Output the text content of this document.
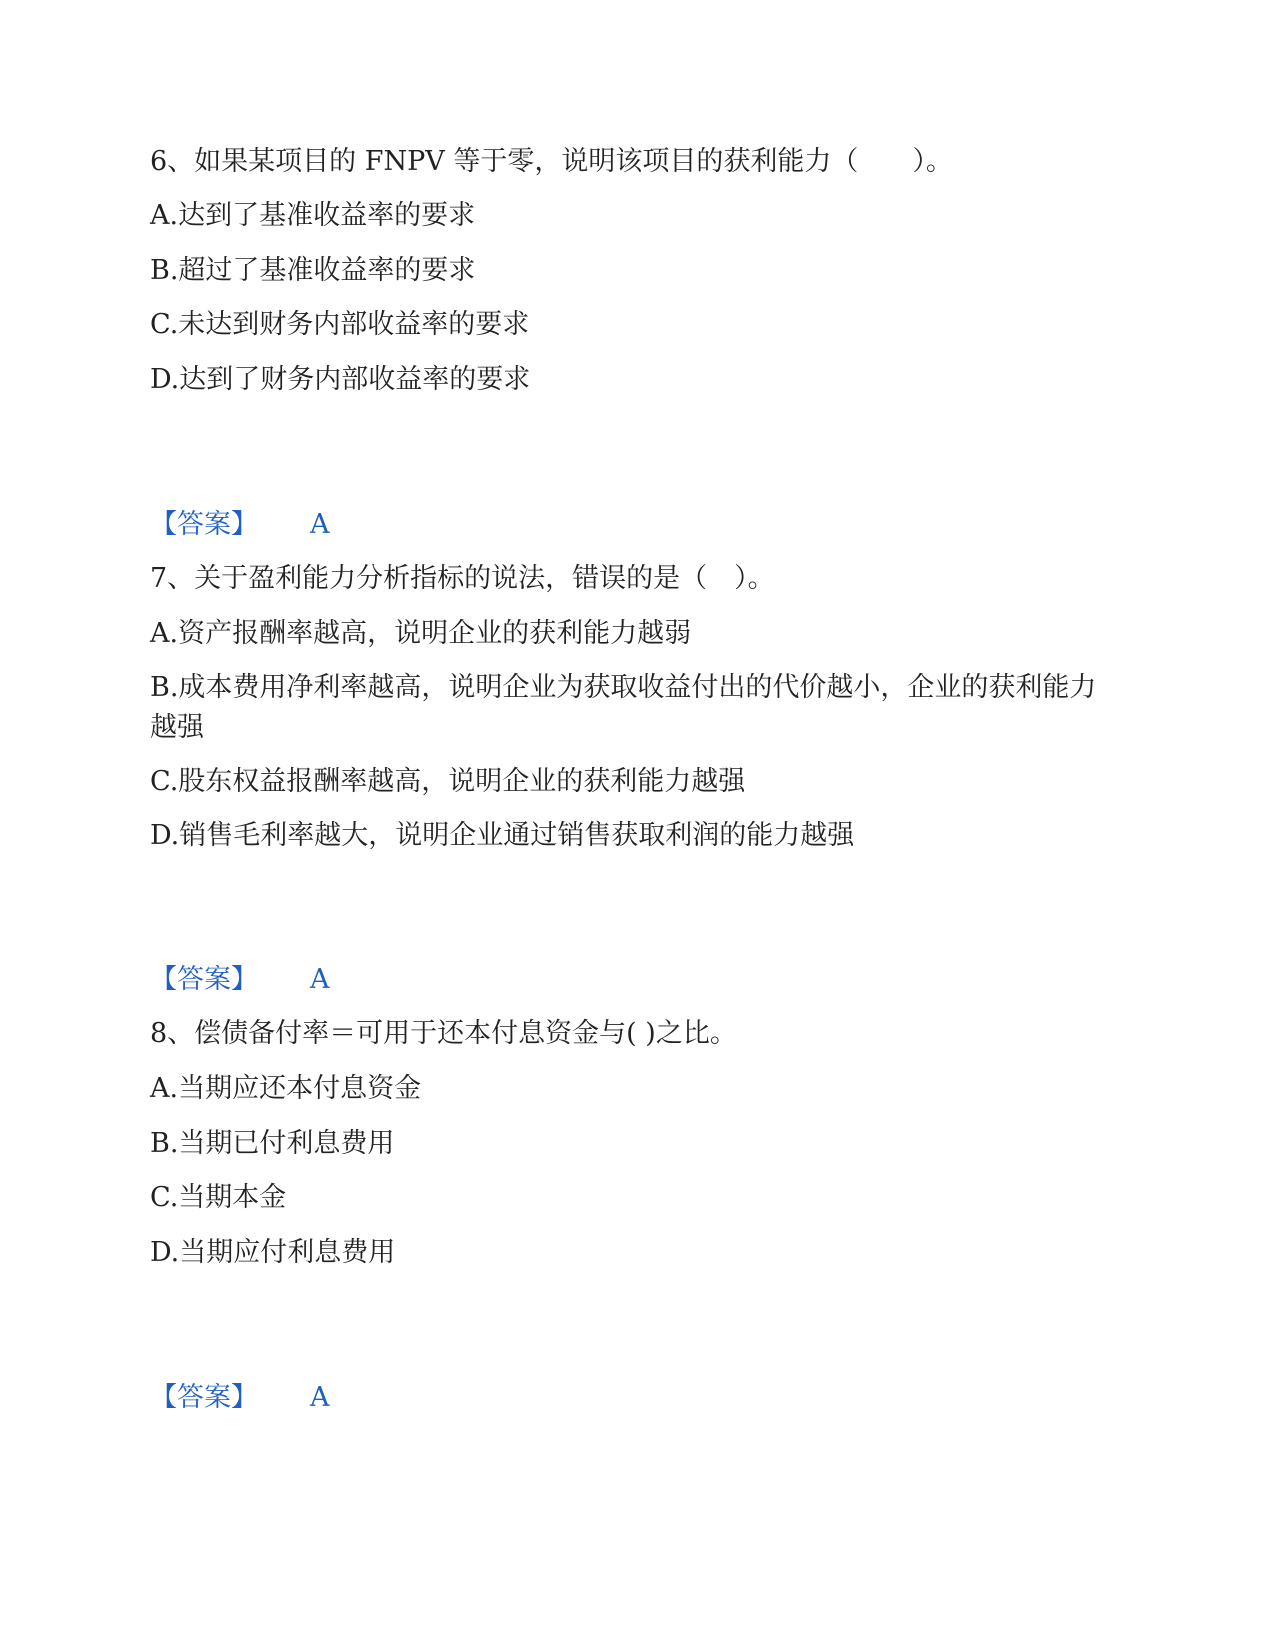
6、如果某项目的 FNPV 等于零，说明该项目的获利能力（　　）。
A.达到了基准收益率的要求
B.超过了基准收益率的要求
C.未达到财务内部收益率的要求
D.达到了财务内部收益率的要求
【答案】 A
7、关于盈利能力分析指标的说法，错误的是（　）。
A.资产报酬率越高，说明企业的获利能力越弱
B.成本费用净利率越高，说明企业为获取收益付出的代价越小，企业的获利能力越强
C.股东权益报酬率越高，说明企业的获利能力越强
D.销售毛利率越大，说明企业通过销售获取利润的能力越强
【答案】 A
8、偿债备付率＝可用于还本付息资金与( )之比。
A.当期应还本付息资金
B.当期已付利息费用
C.当期本金
D.当期应付利息费用
【答案】 A
